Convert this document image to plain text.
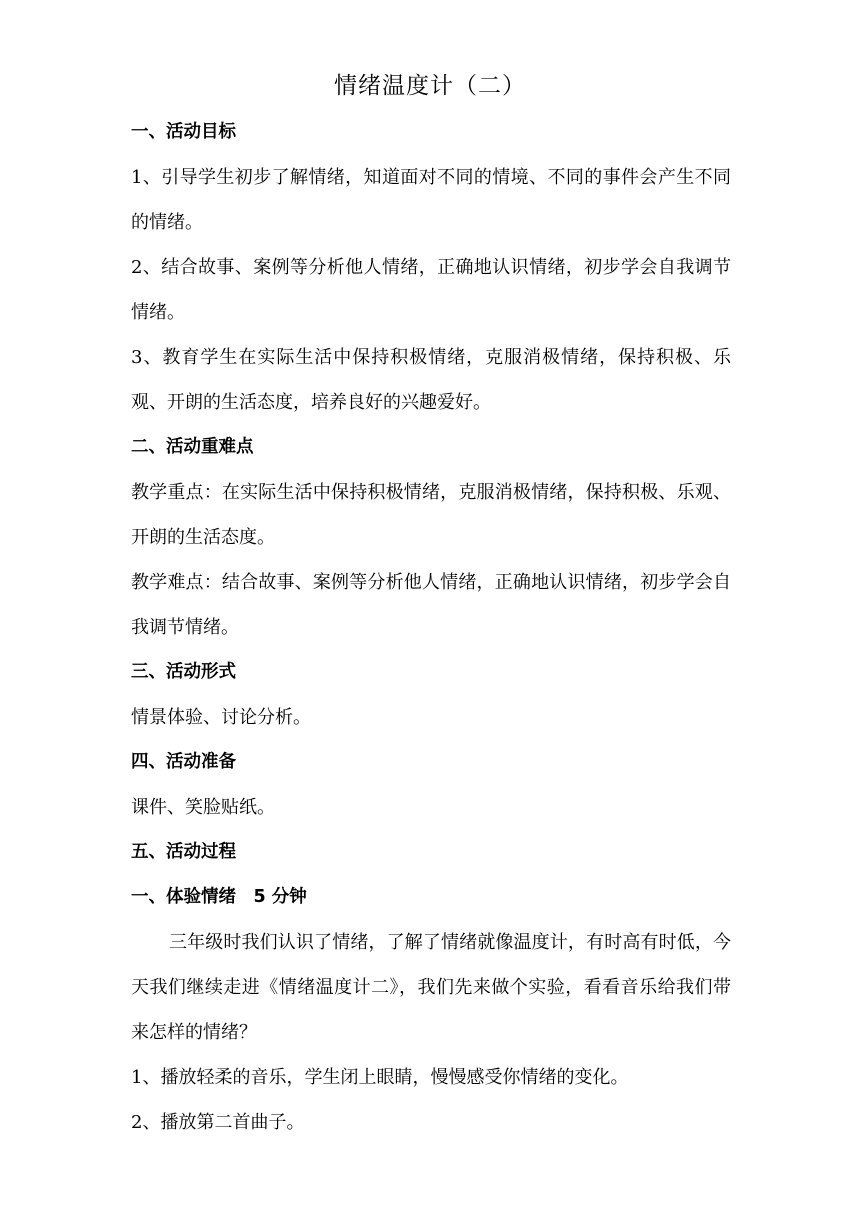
情绪温度计（二）

一、活动目标

1、引导学生初步了解情绪，知道面对不同的情境、不同的事件会产生不同的情绪。

2、结合故事、案例等分析他人情绪，正确地认识情绪，初步学会自我调节情绪。

3、教育学生在实际生活中保持积极情绪，克服消极情绪，保持积极、乐观、开朗的生活态度，培养良好的兴趣爱好。

二、活动重难点

教学重点：在实际生活中保持积极情绪，克服消极情绪，保持积极、乐观、开朗的生活态度。

教学难点：结合故事、案例等分析他人情绪，正确地认识情绪，初步学会自我调节情绪。

三、活动形式

情景体验、讨论分析。

四、活动准备

课件、笑脸贴纸。

五、活动过程

一、体验情绪　5 分钟

三年级时我们认识了情绪，了解了情绪就像温度计，有时高有时低，今天我们继续走进《情绪温度计二》，我们先来做个实验，看看音乐给我们带来怎样的情绪？

1、播放轻柔的音乐，学生闭上眼睛，慢慢感受你情绪的变化。

2、播放第二首曲子。
